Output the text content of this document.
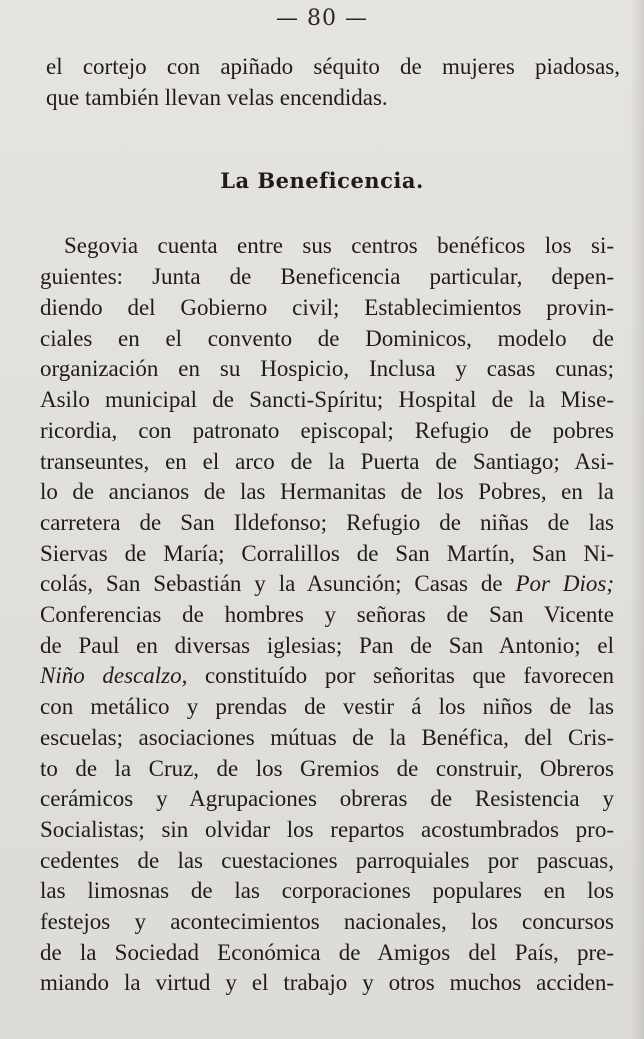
— 80 —
el cortejo con apiñado séquito de mujeres piadosas,
que también llevan velas encendidas.
La Beneficencia.
Segovia cuenta entre sus centros benéficos los si-
guientes: Junta de Beneficencia particular, depen-
diendo del Gobierno civil; Establecimientos provin-
ciales en el convento de Dominicos, modelo de
organización en su Hospicio, Inclusa y casas cunas;
Asilo municipal de Sancti-Spíritu; Hospital de la Mise-
ricordia, con patronato episcopal; Refugio de pobres
transeuntes, en el arco de la Puerta de Santiago; Asi-
lo de ancianos de las Hermanitas de los Pobres, en la
carretera de San Ildefonso; Refugio de niñas de las
Siervas de María; Corralillos de San Martín, San Ni-
colás, San Sebastián y la Asunción; Casas de Por Dios;
Conferencias de hombres y señoras de San Vicente
de Paul en diversas iglesias; Pan de San Antonio; el
Niño descalzo, constituído por señoritas que favorecen
con metálico y prendas de vestir á los niños de las
escuelas; asociaciones mútuas de la Benéfica, del Cris-
to de la Cruz, de los Gremios de construir, Obreros
cerámicos y Agrupaciones obreras de Resistencia y
Socialistas; sin olvidar los repartos acostumbrados pro-
cedentes de las cuestaciones parroquiales por pascuas,
las limosnas de las corporaciones populares en los
festejos y acontecimientos nacionales, los concursos
de la Sociedad Económica de Amigos del País, pre-
miando la virtud y el trabajo y otros muchos acciden-
